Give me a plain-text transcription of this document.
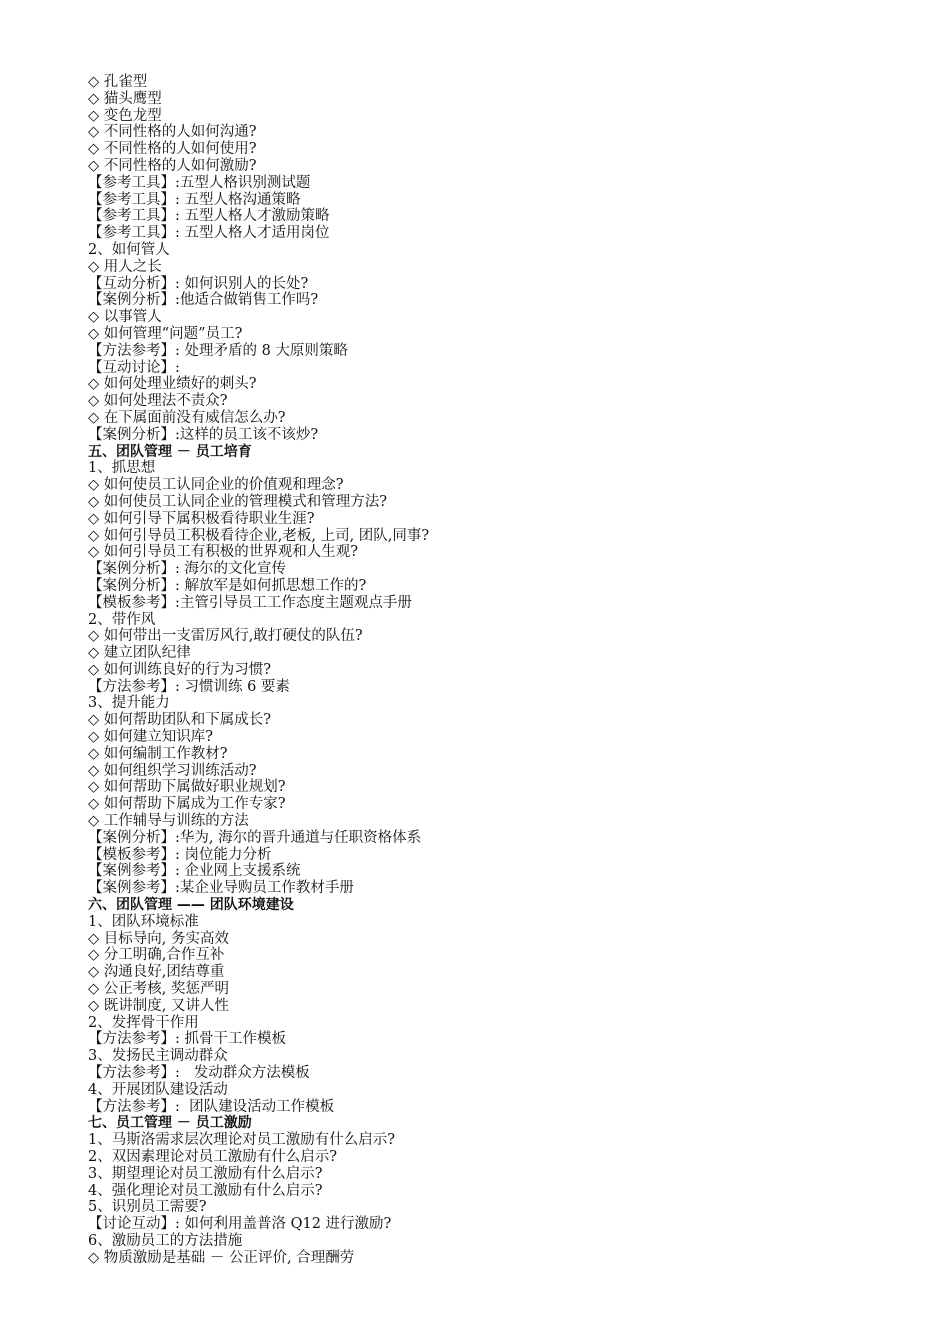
◇ 孔雀型
◇ 猫头鹰型
◇ 变色龙型
◇ 不同性格的人如何沟通?
◇ 不同性格的人如何使用?
◇ 不同性格的人如何激励?
【参考工具】:五型人格识别测试题
【参考工具】: 五型人格沟通策略
【参考工具】: 五型人格人才激励策略
【参考工具】: 五型人格人才适用岗位
2、如何管人
◇ 用人之长
【互动分析】: 如何识别人的长处?
【案例分析】:他适合做销售工作吗?
◇ 以事管人
◇ 如何管理“问题”员工?
【方法参考】: 处理矛盾的 8 大原则策略
【互动讨论】:
◇ 如何处理业绩好的刺头?
◇ 如何处理法不责众?
◇ 在下属面前没有威信怎么办?
【案例分析】:这样的员工该不该炒?
五、团队管理 － 员工培育
1、抓思想
◇ 如何使员工认同企业的价值观和理念?
◇ 如何使员工认同企业的管理模式和管理方法?
◇ 如何引导下属积极看待职业生涯?
◇ 如何引导员工积极看待企业,老板, 上司, 团队,同事?
◇ 如何引导员工有积极的世界观和人生观?
【案例分析】: 海尔的文化宣传
【案例分析】: 解放军是如何抓思想工作的?
【模板参考】:主管引导员工工作态度主题观点手册
2、带作风
◇ 如何带出一支雷厉风行,敢打硬仗的队伍?
◇ 建立团队纪律
◇ 如何训练良好的行为习惯?
【方法参考】: 习惯训练 6 要素
3、提升能力
◇ 如何帮助团队和下属成长?
◇ 如何建立知识库?
◇ 如何编制工作教材?
◇ 如何组织学习训练活动?
◇ 如何帮助下属做好职业规划?
◇ 如何帮助下属成为工作专家?
◇ 工作辅导与训练的方法
【案例分析】:华为, 海尔的晋升通道与任职资格体系
【模板参考】: 岗位能力分析
【案例参考】: 企业网上支援系统
【案例参考】:某企业导购员工作教材手册
六、团队管理 —— 团队环境建设
1、团队环境标准
◇ 目标导向, 务实高效
◇ 分工明确,合作互补
◇ 沟通良好,团结尊重
◇ 公正考核, 奖惩严明
◇ 既讲制度, 又讲人性
2、发挥骨干作用
【方法参考】: 抓骨干工作模板
3、发扬民主调动群众
【方法参考】:   发动群众方法模板
4、开展团队建设活动
【方法参考】:  团队建设活动工作模板
七、员工管理 － 员工激励
1、马斯洛需求层次理论对员工激励有什么启示?
2、双因素理论对员工激励有什么启示?
3、期望理论对员工激励有什么启示?
4、强化理论对员工激励有什么启示?
5、识别员工需要?
【讨论互动】: 如何利用盖普洛 Q12 进行激励?
6、激励员工的方法措施
◇ 物质激励是基础 － 公正评价, 合理酬劳
